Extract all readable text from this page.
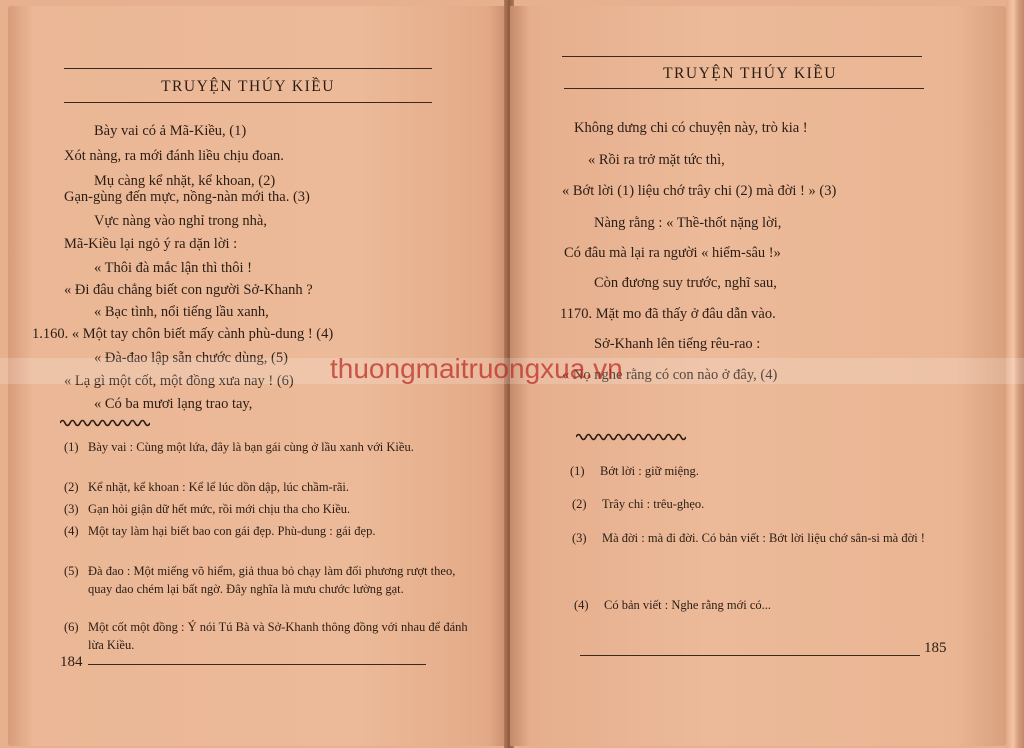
TRUYỆN THÚY KIỀU
Bày vai có ả Mã-Kiều, (1)
Xót nàng, ra mới đánh liều chịu đoan.
Mụ càng kể nhặt, kể khoan, (2)
Gạn-gùng đến mực, nồng-nàn mới tha. (3)
Vực nàng vào nghỉ trong nhà,
Mã-Kiều lại ngỏ ý ra dặn lời :
« Thôi đà mắc lận thì thôi !
« Đi đâu chẳng biết con người Sở-Khanh ?
« Bạc tình, nổi tiếng lầu xanh,
1.160. « Một tay chôn biết mấy cành phù-dung ! (4)
« Đà-đao lập sẵn chước dùng, (5)
« Lạ gì một cốt, một đồng xưa nay ! (6)
« Có ba mươi lạng trao tay,
(1) Bày vai : Cùng một lứa, đây là bạn gái cùng ở lầu xanh với Kiều.
(2) Kể nhặt, kể khoan : Kể lể lúc dồn dập, lúc chầm-rãi.
(3) Gạn hỏi giận dữ hết mức, rồi mới chịu tha cho Kiều.
(4) Một tay làm hại biết bao con gái đẹp. Phù-dung : gái đẹp.
(5) Đà đao : Một miếng võ hiểm, giả thua bỏ chạy làm đối phương rượt theo, quay dao chém lại bất ngờ. Đây nghĩa là mưu chước lường gạt.
(6) Một cốt một đồng : Ý nói Tú Bà và Sở-Khanh thông đồng với nhau để đánh lừa Kiều.
184
TRUYỆN THÚY KIỀU
Không dưng chi có chuyện này, trò kia !
« Rồi ra trở mặt tức thì,
« Bớt lời (1) liệu chớ trây chi (2) mà đời ! » (3)
Nàng rằng : « Thề-thốt nặng lời,
Có đâu mà lại ra người « hiểm-sâu !»
Còn đương suy trước, nghĩ sau,
1170. Mặt mo đã thấy ở đâu dẫn vào.
Sở-Khanh lên tiếng rêu-rao :
« Nọ nghe rằng có con nào ở đây, (4)
(1) Bớt lời : giữ miệng.
(2) Trây chi : trêu-ghẹo.
(3) Mà đời : mà đi đời. Có bản viết : Bớt lời liệu chớ sân-si mà đời !
(4) Có bản viết : Nghe rằng mới có...
185
thuongmaitruongxua.vn
